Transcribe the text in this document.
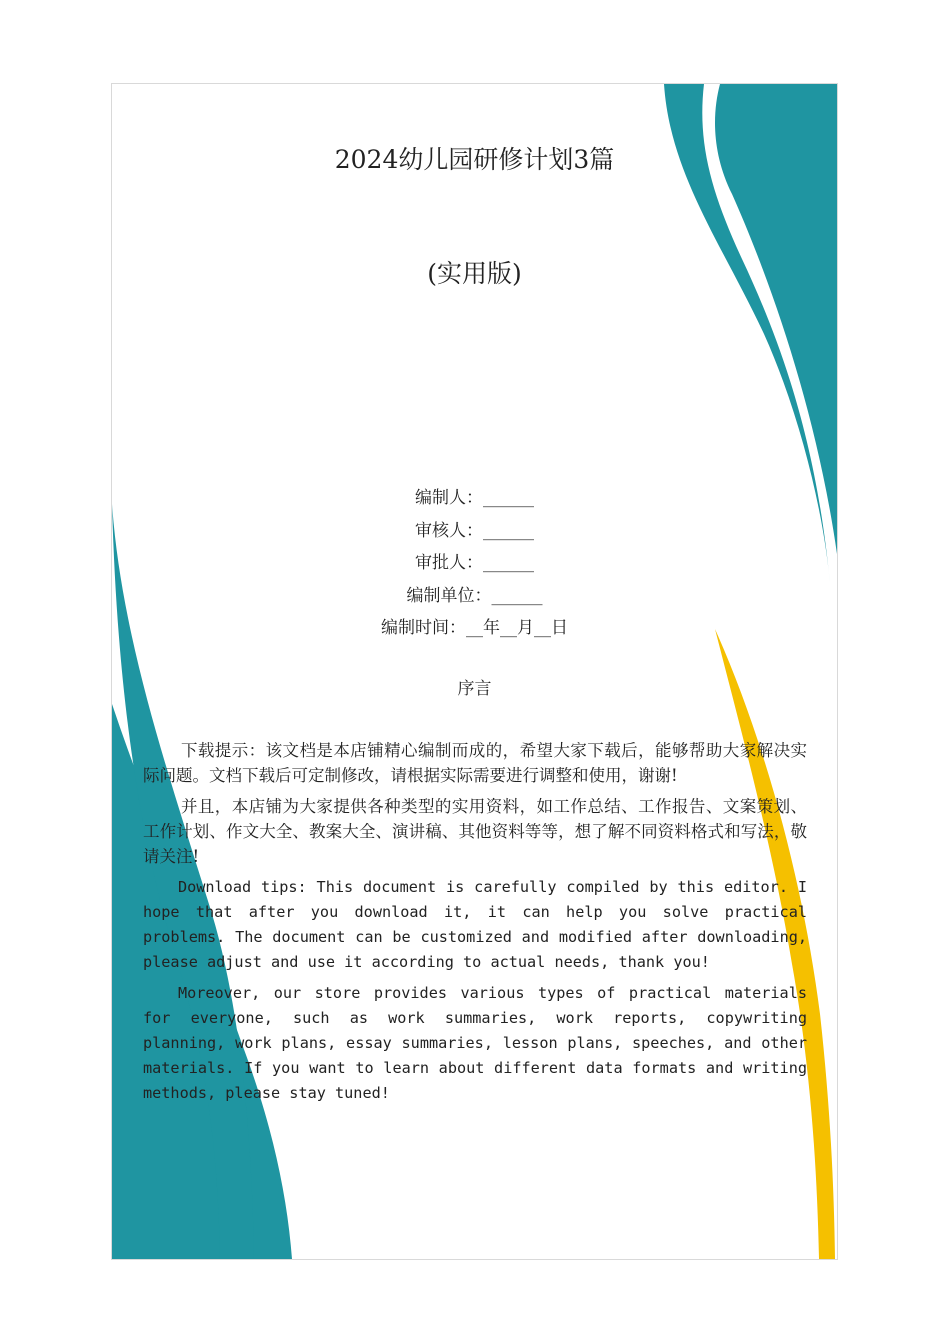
2024幼儿园研修计划3篇
(实用版)
编制人：______
审核人：______
审批人：______
编制单位：______
编制时间：__年__月__日
序言

下载提示：该文档是本店铺精心编制而成的，希望大家下载后，能够帮助大家解决实际问题。文档下载后可定制修改，请根据实际需要进行调整和使用，谢谢!

并且，本店铺为大家提供各种类型的实用资料，如工作总结、工作报告、文案策划、工作计划、作文大全、教案大全、演讲稿、其他资料等等，想了解不同资料格式和写法，敬请关注!

Download tips: This document is carefully compiled by this editor. I hope that after you download it, it can help you solve practical problems. The document can be customized and modified after downloading, please adjust and use it according to actual needs, thank you!

Moreover, our store provides various types of practical materials for everyone, such as work summaries, work reports, copywriting planning, work plans, essay summaries, lesson plans, speeches, and other materials. If you want to learn about different data formats and writing methods, please stay tuned!
